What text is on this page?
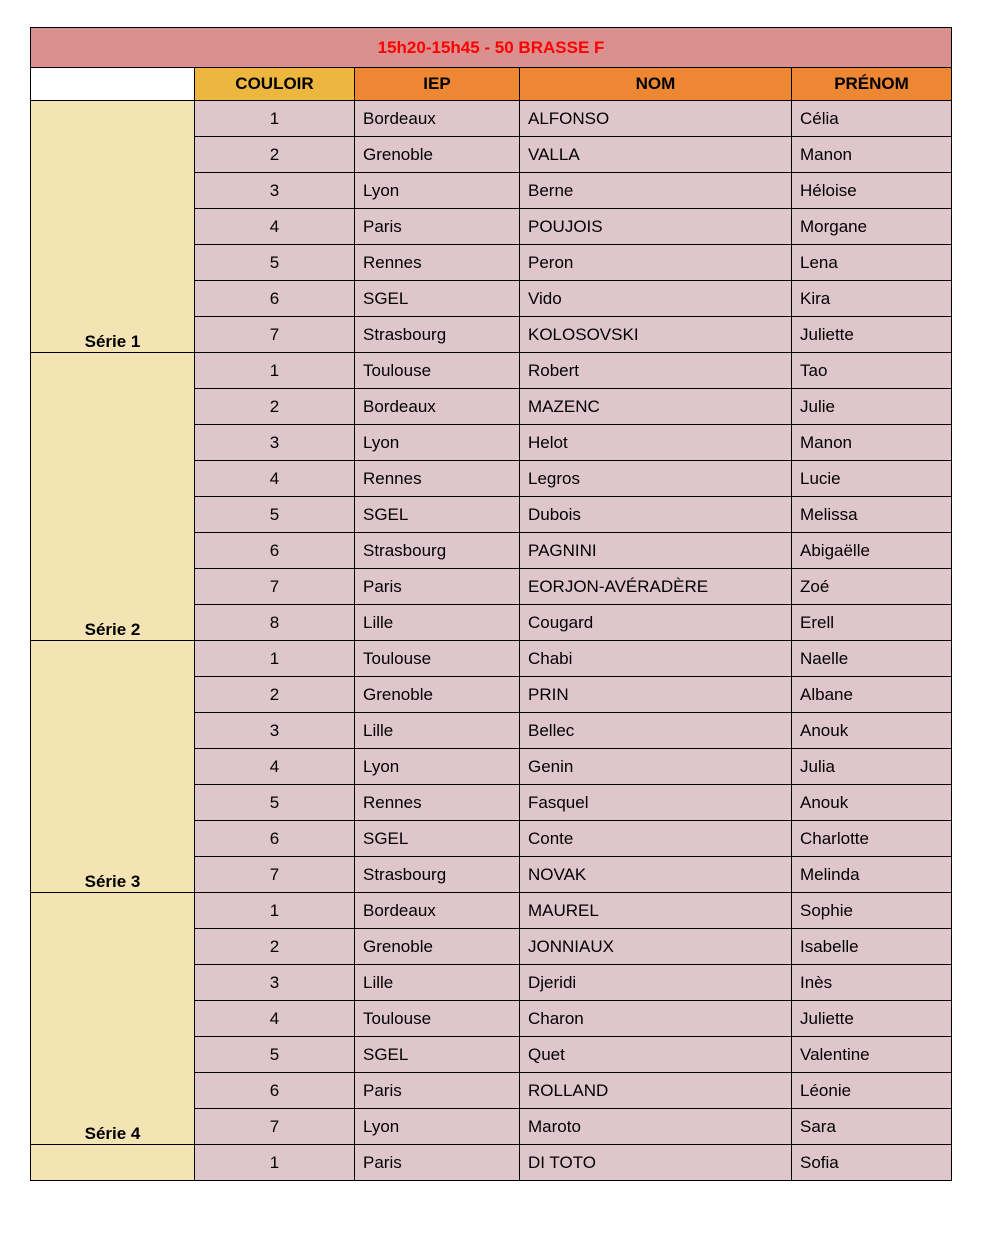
15h20-15h45 - 50 BRASSE F				
	COULOIR	IEP	NOM	PRÉNOM
Série 1	1	Bordeaux	ALFONSO	Célia
	2	Grenoble	VALLA	Manon
	3	Lyon	Berne	Héloise
	4	Paris	POUJOIS	Morgane
	5	Rennes	Peron	Lena
	6	SGEL	Vido	Kira
	7	Strasbourg	KOLOSOVSKI	Juliette
Série 2	1	Toulouse	Robert	Tao
	2	Bordeaux	MAZENC	Julie
	3	Lyon	Helot	Manon
	4	Rennes	Legros	Lucie
	5	SGEL	Dubois	Melissa
	6	Strasbourg	PAGNINI	Abigaëlle
	7	Paris	EORJON-AVÉRADÈRE	Zoé
	8	Lille	Cougard	Erell
Série 3	1	Toulouse	Chabi	Naelle
	2	Grenoble	PRIN	Albane
	3	Lille	Bellec	Anouk
	4	Lyon	Genin	Julia
	5	Rennes	Fasquel	Anouk
	6	SGEL	Conte	Charlotte
	7	Strasbourg	NOVAK	Melinda
Série 4	1	Bordeaux	MAUREL	Sophie
	2	Grenoble	JONNIAUX	Isabelle
	3	Lille	Djeridi	Inès
	4	Toulouse	Charon	Juliette
	5	SGEL	Quet	Valentine
	6	Paris	ROLLAND	Léonie
	7	Lyon	Maroto	Sara
	1	Paris	DI TOTO	Sofia
